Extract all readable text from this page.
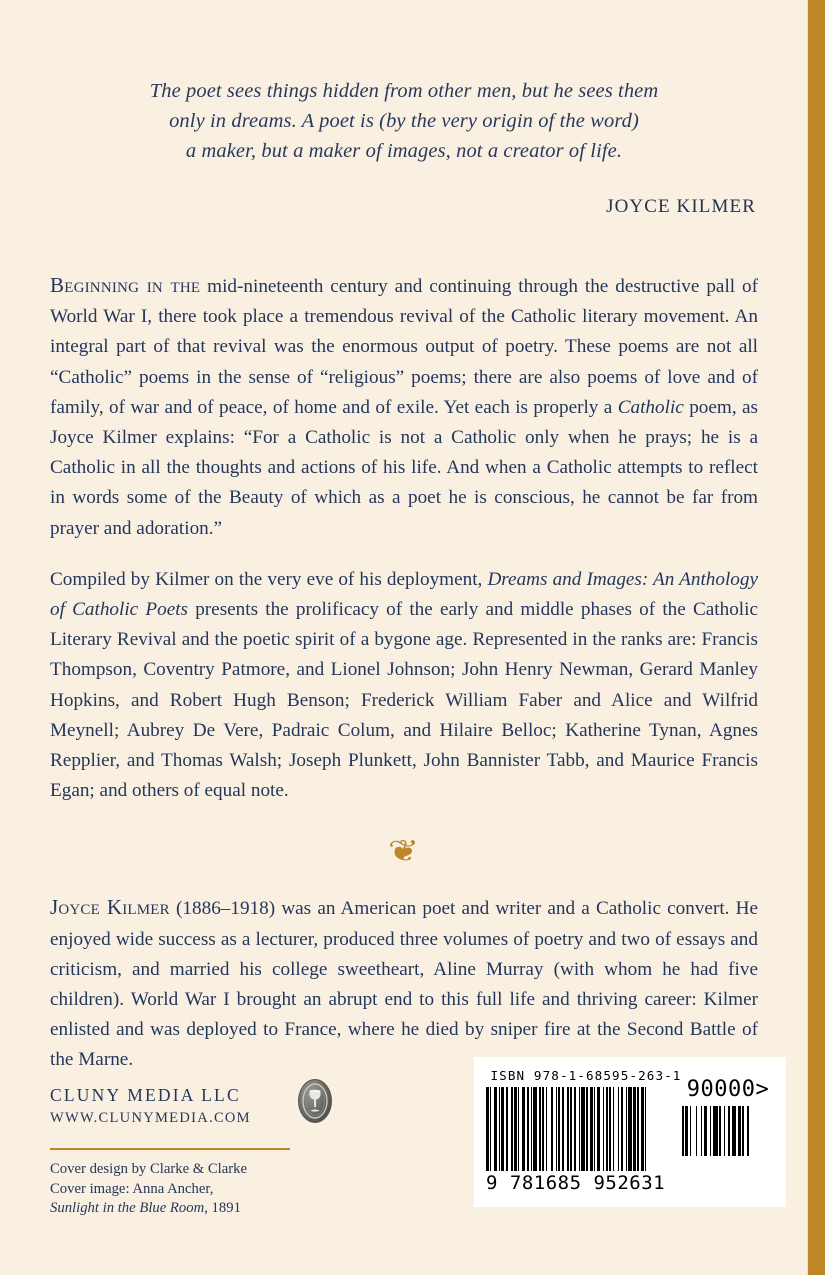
The poet sees things hidden from other men, but he sees them
only in dreams. A poet is (by the very origin of the word)
a maker, but a maker of images, not a creator of life.
JOYCE KILMER

Beginning in the mid-nineteenth century and continuing through the destructive pall of World War I, there took place a tremendous revival of the Catholic literary movement. An integral part of that revival was the enormous output of poetry. These poems are not all “Catholic” poems in the sense of “religious” poems; there are also poems of love and of family, of war and of peace, of home and of exile. Yet each is properly a Catholic poem, as Joyce Kilmer explains: “For a Catholic is not a Catholic only when he prays; he is a Catholic in all the thoughts and actions of his life. And when a Catholic attempts to reflect in words some of the Beauty of which as a poet he is conscious, he cannot be far from prayer and adoration.”

Compiled by Kilmer on the very eve of his deployment, Dreams and Images: An Anthology of Catholic Poets presents the prolificacy of the early and middle phases of the Catholic Literary Revival and the poetic spirit of a bygone age. Represented in the ranks are: Francis Thompson, Coventry Patmore, and Lionel Johnson; John Henry Newman, Gerard Manley Hopkins, and Robert Hugh Benson; Frederick William Faber and Alice and Wilfrid Meynell; Aubrey De Vere, Padraic Colum, and Hilaire Belloc; Katherine Tynan, Agnes Repplier, and Thomas Walsh; Joseph Plunkett, John Bannister Tabb, and Maurice Francis Egan; and others of equal note.

❦

Joyce Kilmer (1886–1918) was an American poet and writer and a Catholic convert. He enjoyed wide success as a lecturer, produced three volumes of poetry and two of essays and criticism, and married his college sweetheart, Aline Murray (with whom he had five children). World War I brought an abrupt end to this full life and thriving career: Kilmer enlisted and was deployed to France, where he died by sniper fire at the Second Battle of the Marne.

CLUNY MEDIA LLC
WWW.CLUNYMEDIA.COM
Cover design by Clarke & Clarke
Cover image: Anna Ancher,
Sunlight in the Blue Room, 1891
ISBN 978-1-68595-263-1
9 781685 952631
90000>
